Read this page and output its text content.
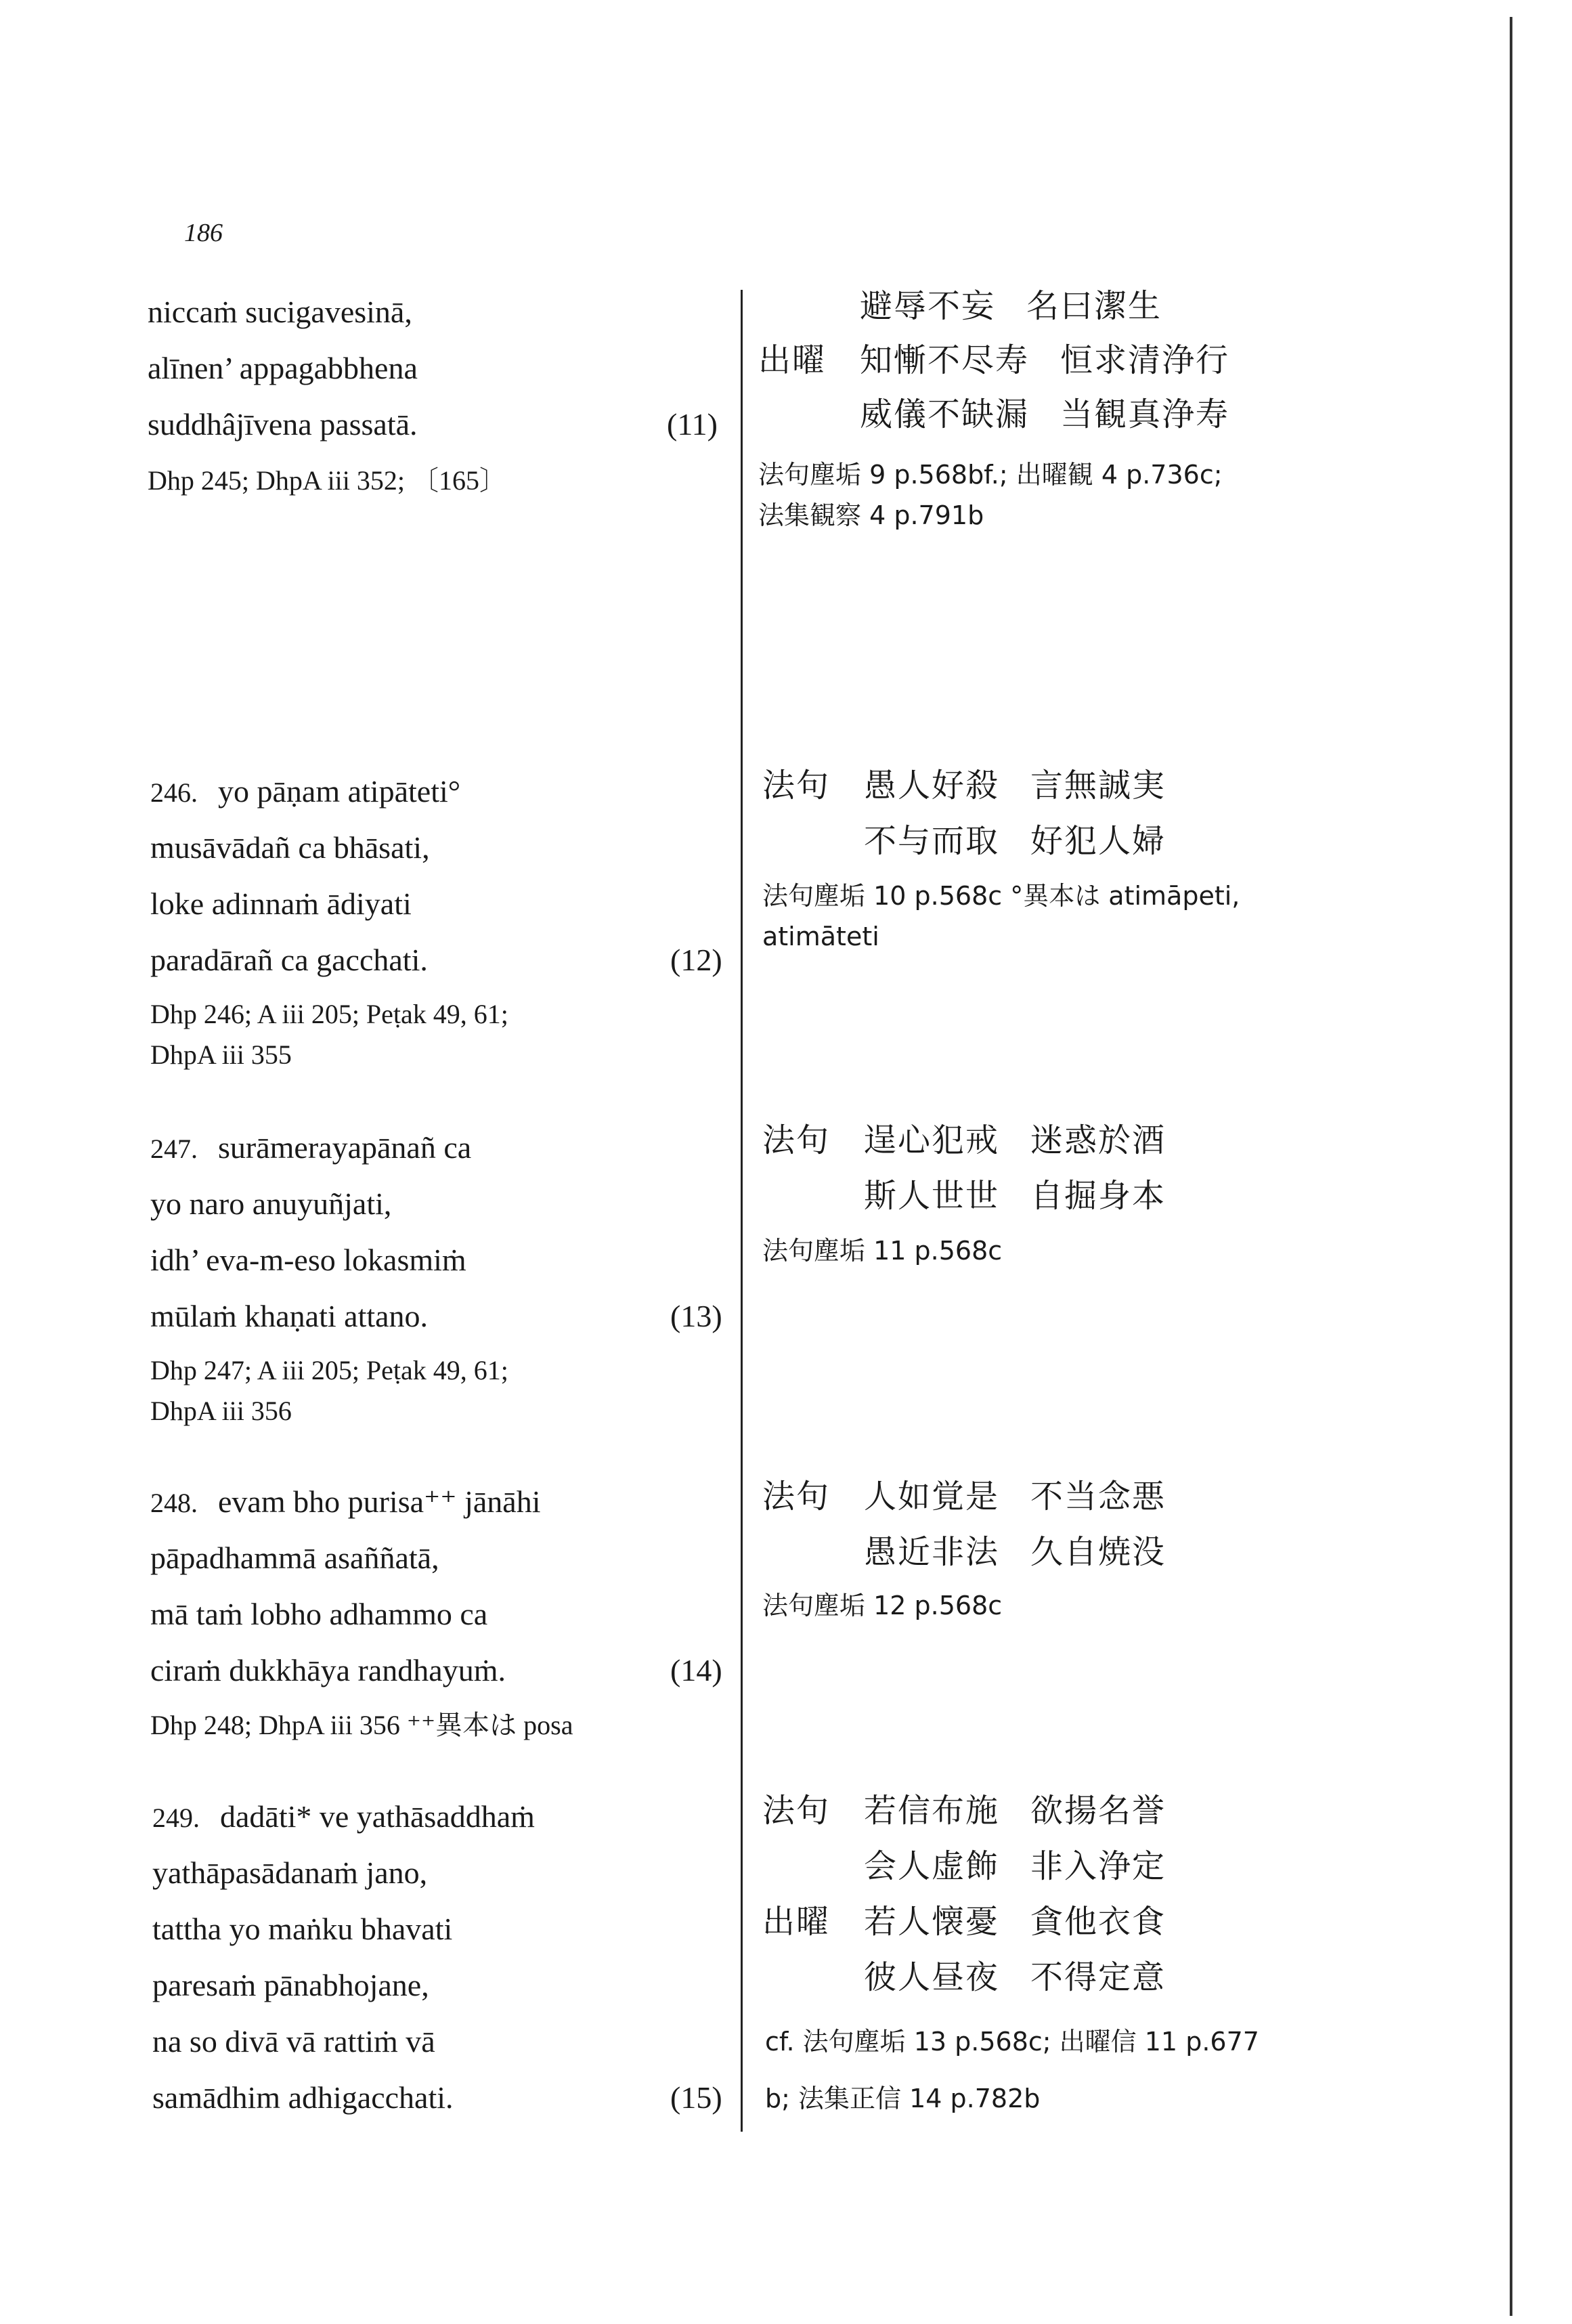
186
niccaṁ sucigavesinā,
alīnen’ appagabbhena
suddhâjīvena passatā.	(11)
Dhp 245; DhpA iii 352; 〔165〕
246. yo pāṇam atipāteti°
musāvādañ ca bhāsati,
loke adinnaṁ ādiyati
paradārañ ca gacchati.	(12)
Dhp 246; A iii 205; Peṭak 49, 61;
DhpA iii 355
247. surāmerayapānañ ca
yo naro anuyuñjati,
idh’ eva-m-eso lokasmiṁ
mūlaṁ khaṇati attano.	(13)
Dhp 247; A iii 205; Peṭak 49, 61;
DhpA iii 356
248. evam bho purisa⁺⁺ jānāhi
pāpadhammā asaññatā,
mā taṁ lobho adhammo ca
ciraṁ dukkhāya randhayuṁ.	(14)
Dhp 248; DhpA iii 356 ⁺⁺異本は posa
249. dadāti* ve yathāsaddhaṁ
yathāpasādanaṁ jano,
tattha yo maṅku bhavati
paresaṁ pānabhojane,
na so divā vā rattiṁ vā
samādhim adhigacchati.	(15)
避辱不妄 名曰潔生
出曜 知慚不尽寿 恒求清浄行
威儀不缺漏 当観真浄寿
法句塵垢 9 p.568bf.; 出曜観 4 p.736c;
法集観察 4 p.791b
法句 愚人好殺 言無誠実
不与而取 好犯人婦
法句塵垢 10 p.568c °異本は atimāpeti,
atimāteti
法句 逞心犯戒 迷惑於酒
斯人世世 自掘身本
法句塵垢 11 p.568c
法句 人如覚是 不当念悪
愚近非法 久自焼没
法句塵垢 12 p.568c
法句 若信布施 欲揚名誉
会人虚飾 非入浄定
出曜 若人懐憂 貪他衣食
彼人昼夜 不得定意
cf. 法句塵垢 13 p.568c; 出曜信 11 p.677
b; 法集正信 14 p.782b
